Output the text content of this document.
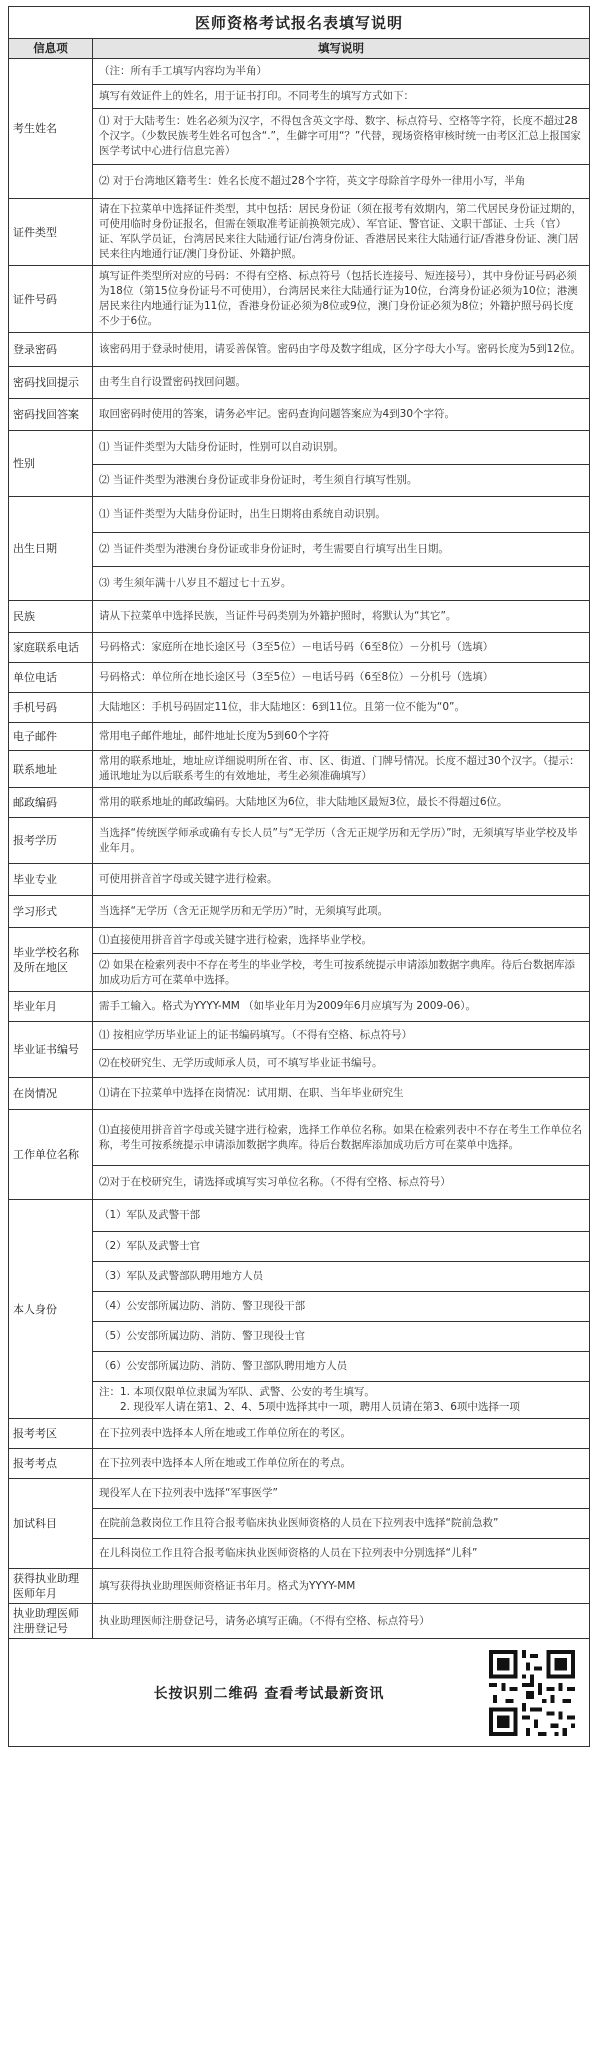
医师资格考试报名表填写说明
信息项	填写说明
考生姓名	（注：所有手工填写内容均为半角）
	填写有效证件上的姓名，用于证书打印。不同考生的填写方式如下：
	⑴ 对于大陆考生：姓名必须为汉字，不得包含英文字母、数字、标点符号、空格等字符，长度不超过28个汉字。（少数民族考生姓名可包含“.”，生僻字可用“？”代替，现场资格审核时统一由考区汇总上报国家医学考试中心进行信息完善）
	⑵ 对于台湾地区籍考生：姓名长度不超过28个字符，英文字母除首字母外一律用小写，半角
证件类型	请在下拉菜单中选择证件类型，其中包括：居民身份证（须在报考有效期内，第二代居民身份证过期的，可使用临时身份证报名，但需在领取准考证前换领完成）、军官证、警官证、文职干部证、士兵（官）证、军队学员证，台湾居民来往大陆通行证/台湾身份证、香港居民来往大陆通行证/香港身份证、澳门居民来往内地通行证/澳门身份证、外籍护照。
证件号码	填写证件类型所对应的号码：不得有空格、标点符号（包括长连接号、短连接号），其中身份证号码必须为18位（第15位身份证号不可使用），台湾居民来往大陆通行证为10位，台湾身份证必须为10位；港澳居民来往内地通行证为11位，香港身份证必须为8位或9位，澳门身份证必须为8位；外籍护照号码长度不少于6位。
登录密码	该密码用于登录时使用，请妥善保管。密码由字母及数字组成，区分字母大小写。密码长度为5到12位。
密码找回提示	由考生自行设置密码找回问题。
密码找回答案	取回密码时使用的答案，请务必牢记。密码查询问题答案应为4到30个字符。
性别	⑴ 当证件类型为大陆身份证时，性别可以自动识别。
	⑵ 当证件类型为港澳台身份证或非身份证时，考生须自行填写性别。
出生日期	⑴ 当证件类型为大陆身份证时，出生日期将由系统自动识别。
	⑵ 当证件类型为港澳台身份证或非身份证时，考生需要自行填写出生日期。
	⑶ 考生须年满十八岁且不超过七十五岁。
民族	请从下拉菜单中选择民族，当证件号码类别为外籍护照时，将默认为“其它”。
家庭联系电话	号码格式：家庭所在地长途区号（3至5位）－电话号码（6至8位）－分机号（选填）
单位电话	号码格式：单位所在地长途区号（3至5位）－电话号码（6至8位）－分机号（选填）
手机号码	大陆地区：手机号码固定11位，非大陆地区：6到11位。且第一位不能为“0”。
电子邮件	常用电子邮件地址，邮件地址长度为5到60个字符
联系地址	常用的联系地址，地址应详细说明所在省、市、区、街道、门牌号情况。长度不超过30个汉字。（提示：通讯地址为以后联系考生的有效地址，考生必须准确填写）
邮政编码	常用的联系地址的邮政编码。大陆地区为6位，非大陆地区最短3位，最长不得超过6位。
报考学历	当选择“传统医学师承或确有专长人员”与“无学历（含无正规学历和无学历）”时，无须填写毕业学校及毕业年月。
毕业专业	可使用拼音首字母或关键字进行检索。
学习形式	当选择“无学历（含无正规学历和无学历）”时，无须填写此项。
毕业学校名称及所在地区	⑴直接使用拼音首字母或关键字进行检索，选择毕业学校。
	⑵ 如果在检索列表中不存在考生的毕业学校，考生可按系统提示申请添加数据字典库。待后台数据库添加成功后方可在菜单中选择。
毕业年月	需手工输入。格式为YYYY-MM （如毕业年月为2009年6月应填写为 2009-06）。
毕业证书编号	⑴ 按相应学历毕业证上的证书编码填写。（不得有空格、标点符号）
	⑵在校研究生、无学历或师承人员，可不填写毕业证书编号。
在岗情况	⑴请在下拉菜单中选择在岗情况：试用期、在职、当年毕业研究生
工作单位名称	⑴直接使用拼音首字母或关键字进行检索，选择工作单位名称。如果在检索列表中不存在考生工作单位名称，考生可按系统提示申请添加数据字典库。待后台数据库添加成功后方可在菜单中选择。
	⑵对于在校研究生，请选择或填写实习单位名称。（不得有空格、标点符号）
本人身份	（1）军队及武警干部
	（2）军队及武警士官
	（3）军队及武警部队聘用地方人员
	（4）公安部所属边防、消防、警卫现役干部
	（5）公安部所属边防、消防、警卫现役士官
	（6）公安部所属边防、消防、警卫部队聘用地方人员
	注：1. 本项仅限单位隶属为军队、武警、公安的考生填写。
　　2. 现役军人请在第1、2、4、5项中选择其中一项，聘用人员请在第3、6项中选择一项
报考考区	在下拉列表中选择本人所在地或工作单位所在的考区。
报考考点	在下拉列表中选择本人所在地或工作单位所在的考点。
加试科目	现役军人在下拉列表中选择“军事医学”
	在院前急救岗位工作且符合报考临床执业医师资格的人员在下拉列表中选择“院前急救”
	在儿科岗位工作且符合报考临床执业医师资格的人员在下拉列表中分别选择“儿科”
获得执业助理医师年月	填写获得执业助理医师资格证书年月。格式为YYYY-MM
执业助理医师注册登记号	执业助理医师注册登记号，请务必填写正确。（不得有空格、标点符号）
长按识别二维码 查看考试最新资讯
